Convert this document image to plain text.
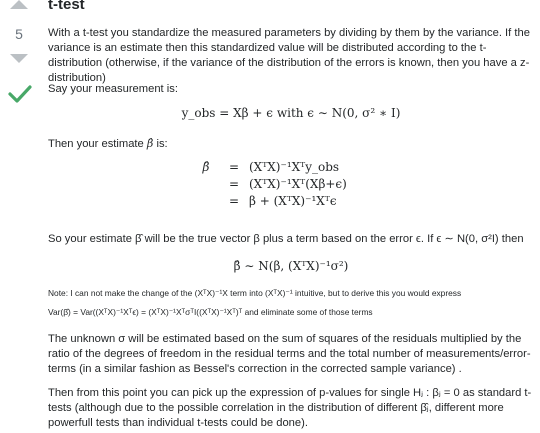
t-test
5	With a t-test you standardize the measured parameters by dividing by them by the variance. If the variance is an estimate then this standardized value will be distributed according to the t-distribution (otherwise, if the variance of the distribution of the errors is known, then you have a z-distribution)
Say your measurement is:
y_obs = Xβ + ϵ with ϵ ∼ N(0, σ² ∗ I)
Then your estimate β̂ is:
β̂ = (XᵀX)⁻¹Xᵀy_obs
= (XᵀX)⁻¹Xᵀ(Xβ+ϵ)
= β + (XᵀX)⁻¹Xᵀϵ
So your estimate β̂ will be the true vector β plus a term based on the error ϵ. If ϵ ∼ N(0, σ²I) then
β̂ ∼ N(β, (XᵀX)⁻¹σ²)
Note: I can not make the change of the (XᵀX)⁻¹X term into (XᵀX)⁻¹ intuitive, but to derive this you would express
Var(β̂) = Var((XᵀX)⁻¹Xᵀϵ) = (XᵀX)⁻¹XᵀσᵀI((XᵀX)⁻¹Xᵀ)ᵀ and eliminate some of those terms
The unknown σ will be estimated based on the sum of squares of the residuals multiplied by the ratio of the degrees of freedom in the residual terms and the total number of measurements/error-terms (in a similar fashion as Bessel's correction in the corrected sample variance) .
Then from this point you can pick up the expression of p-values for single Hⱼ : βⱼ = 0 as standard t-tests (although due to the possible correlation in the distribution of different β̂ⱼ, different more powerfull tests than individual t-tests could be done).
